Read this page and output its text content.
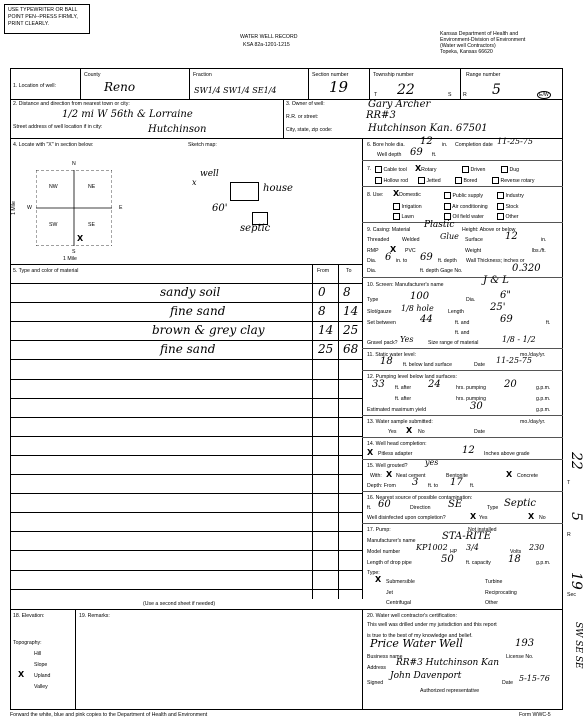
USE TYPEWRITER OR BALL
POINT PEN--PRESS FIRMLY,
PRINT CLEARLY.
WATER WELL RECORD
KSA 82a-1201-1215
Kansas Department of Health and
Environment-Division of Environment
(Water well Contractors)
Topeka, Kansas 66620
1. Location of well:
County
Reno
Fraction
SW1/4 SW1/4 SE1/4
Section number
19
Township number
T 22	S
Range number
R 5	E/W
2. Distance and direction from nearest town or city:
1/2 mi W 56th & Lorraine
Street address of well location if in city:	Hutchinson
3. Owner of well:	Gary Archer
R.R. or street:	RR#3
City, state, zip code:	Hutchinson Kan. 67501
4. Locate with "X" in section below:	Sketch map:
NW	NE
SW	SE
X
N
S
W	E
1 Mile
1 Mile
well
x
house
60'
septic
5. Type and color of material	From	To
sandy soil	0 8
fine sand	8 14
brown & grey clay	14 25
fine sand	25 68
(Use a second sheet if needed)
6. Bore hole dia. 12 in. Completion date 11-25-75
Well depth 69 ft.
7.	Cable tool XRotary	Driven	Dug
Hollow rod	Jetted	Bored	Reverse rotary
8. Use: XDomestic	Public supply	Industry
Irrigation	Air conditioning	Stock
Lawn	Oil field water	Other
9. Casing: Material Plastic Height: Above or below
Threaded Welded	Glue Surface 12	in.
RMP X PVC	Weight	lbs./ft.
Dia. 6 in. to 69 ft. depth Wall Thickness; inches or
Dia.	ft. depth Gage No.	0.320
10. Screen: Manufacturer's name	J & L
Type	100	Dia. 6"
Slot/gauze 1/8 hole	Length	25'
Set between 44	ft. and	69	ft.
ft. and
Gravel pack? Yes	Size range of material	1/8 - 1/2
11. Static water level:	mo./day/yr.
18 ft. below land surface	Date 11-25-75
12. Pumping level below land surfaces:
33 ft. after 24	hrs. pumping 20	g.p.m.
ft. after	hrs. pumping	g.p.m.
Estimated maximum yield	30	g.p.m.
13. Water sample submitted:	mo./day/yr.
Yes X No	Date
14. Well head completion:
X Pitless adapter	12 Inches above grade
15. Well grouted? yes
With: X Neat cement	Bentonite	X Concrete
Depth: From 3 ft. to 17 ft.
16. Nearest source of possible contamination:
ft. 60	Direction SE	Type Septic
Well disinfected upon completion?	X Yes	X No
17. Pump:	Not installed
Manufacturer's name	STA-RITE
Model number KP1002 HP 3/4	Volts 230
Length of drop pipe	50 ft. capacity 18	g.p.m.
Type:
X Submersible	Turbine
Jet	Reciprocating
Centrifugal	Other
18. Elevation:
Topography:
Hill
Slope
X Upland
Valley
19. Remarks:	20. Water well contractor's certification:
This well was drilled under my jurisdiction and this report
is true to the best of my knowledge and belief.
Price Water Well	193
Business name	License No.
Address RR#3 Hutchinson Kan
Signed
John Davenport
Date 5-15-76
Authorized representative
22
T
5
R
19
Sec
SW SE SE
Forward the white, blue and pink copies to the Department of Health and Environment	Form WWC-5
